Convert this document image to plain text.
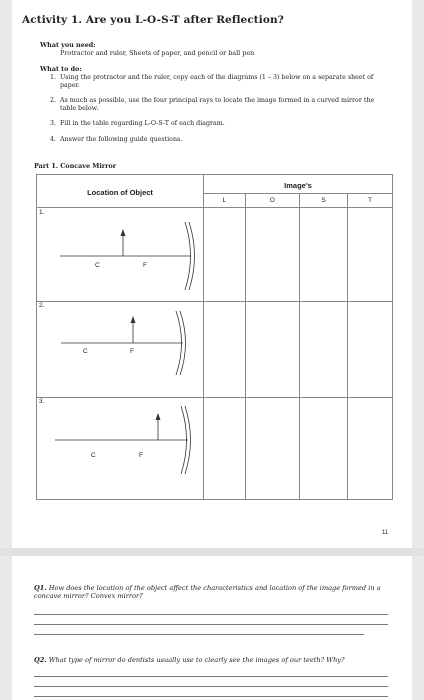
Activity 1. Are you L-O-S-T after Reflection?
What you need:
Protractor and ruler, Sheets of paper, and pencil or ball pen
What to do:
1. Using the protractor and the ruler, copy each of the diagrams (1 – 3) below on a separate sheet of paper.
2. As much as possible, use the four principal rays to locate the image formed in a curved mirror the table below.
3. Fill in the table regarding L-O-S-T of each diagram.
4. Answer the following guide questions.
Part 1. Concave Mirror
Location of Object	Image's			
	L	O	S	T

1.
2.
3.
C	F
C	F
C	F
11
Q1. How does the location of the object affect the characteristics and location of the image formed in a concave mirror? Convex mirror?
Q2. What type of mirror do dentists usually use to clearly see the images of our teeth? Why?
